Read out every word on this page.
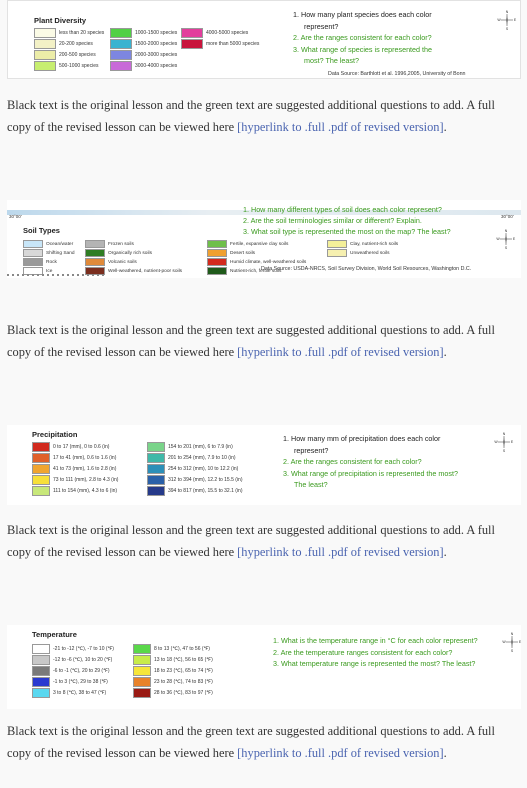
Plant Diversity
less than 20 species
20-200 species
200-500 species
500-1000 species
1000-1500 species
1500-2000 species
2000-3000 species
3000-4000 species
4000-5000 species
more than 5000 species
1. How many plant species does each color
represent?
2. Are the ranges consistent for each color?
3. What range of species is represented the
most? The least?
N
S
W	E
Data Source: Barthlott et al. 1996,2005, University of Bonn
Black text is the original lesson and the green text are suggested additional questions to add. A full copy of the revised lesson can be viewed here [hyperlink to .full .pdf of revised version].
30°00'	30°00'
Soil Types
Ocean/water
Shifting Sand
Rock
Ice
Frozen soils
Organically rich soils
Volcanic soils
Well-weathered, nutrient-poor soils
Fertile, expansive clay soils
Desert soils
Humid climate, well-weathered soils
Nutrient-rich, fertile soils
Clay, nutrient-rich soils
Unweathered soils
1. How many different types of soil does each color represent?
2. Are the soil terminologies similar or different? Explain.
3. What soil type is represented the most on the map? The least?	N
S
W	E
Data Source: USDA-NRCS, Soil Survey Division, World Soil Resources, Washington D.C.
Black text is the original lesson and the green text are suggested additional questions to add. A full copy of the revised lesson can be viewed here [hyperlink to .full .pdf of revised version].
Precipitation
0 to 17 (mm), 0 to 0.6 (in)
17 to 41 (mm), 0.6 to 1.6 (in)
41 to 73 (mm), 1.6 to 2.8 (in)
73 to 111 (mm), 2.8 to 4.3 (in)
111 to 154 (mm), 4.3 to 6 (in)
154 to 201 (mm), 6 to 7.9 (in)
201 to 254 (mm), 7.9 to 10 (in)
254 to 312 (mm), 10 to 12.2 (in)
312 to 394 (mm), 12.2 to 15.5 (in)
394 to 817 (mm), 15.5 to 32.1 (in)
1. How many mm of precipitation does each color
represent?
2. Are the ranges consistent for each color?
3. What range of precipitation is represented the most?
The least?
N
S
W	E
Black text is the original lesson and the green text are suggested additional questions to add. A full copy of the revised lesson can be viewed here [hyperlink to .full .pdf of revised version].
Temperature
-21 to -12 (℃), -7 to 10 (℉)
-12 to -6 (℃), 10 to 20 (℉)
-6 to -1 (℃), 20 to 29 (℉)
-1 to 3 (℃), 29 to 38 (℉)
3 to 8 (℃), 38 to 47 (℉)
8 to 13 (℃), 47 to 56 (℉)
13 to 18 (℃), 56 to 65 (℉)
18 to 23 (℃), 65 to 74 (℉)
23 to 28 (℃), 74 to 83 (℉)
28 to 36 (℃), 83 to 97 (℉)
1. What is the temperature range in °C for each color represent?
2. Are the temperature ranges consistent for each color?
3. What temperature range is represented the most? The least?
N
S
W	E
Black text is the original lesson and the green text are suggested additional questions to add. A full copy of the revised lesson can be viewed here [hyperlink to .full .pdf of revised version].
